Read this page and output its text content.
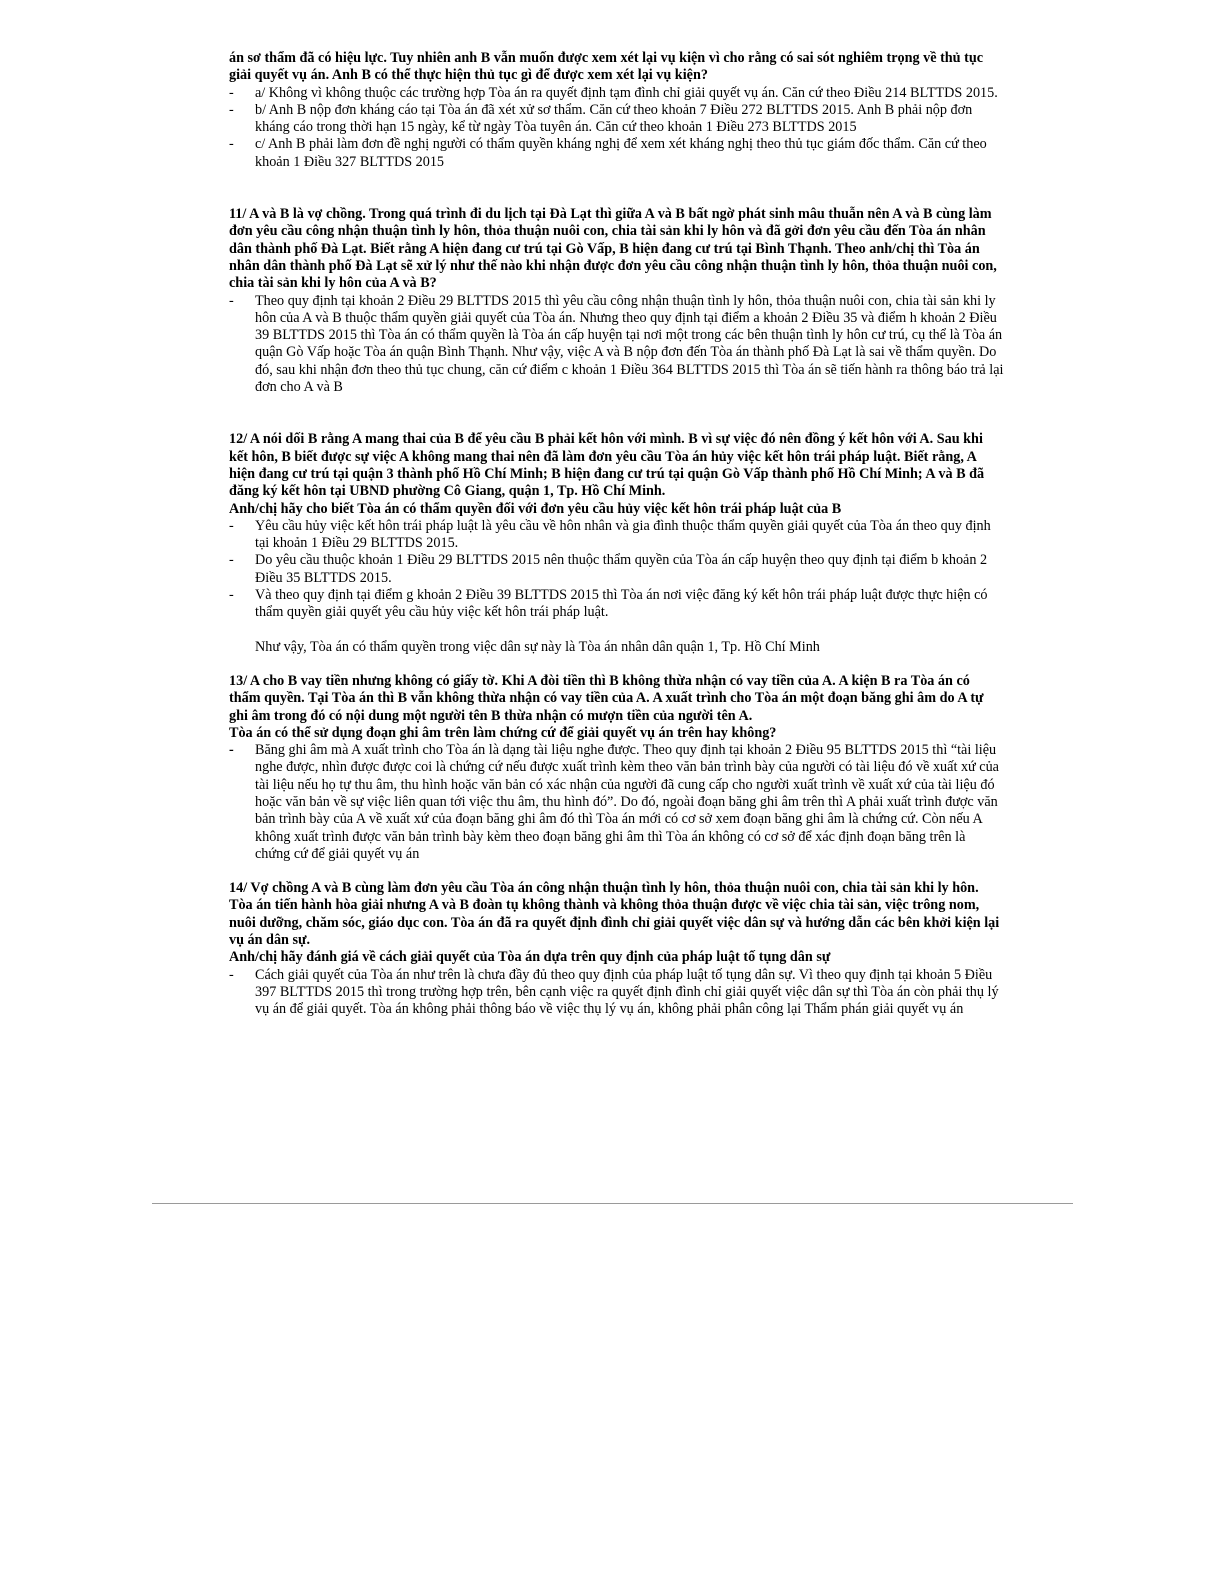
án sơ thẩm đã có hiệu lực. Tuy nhiên anh B vẫn muốn được xem xét lại vụ kiện vì cho rằng có sai sót nghiêm trọng về thủ tục giải quyết vụ án. Anh B có thể thực hiện thủ tục gì để được xem xét lại vụ kiện?

-	a/ Không vì không thuộc các trường hợp Tòa án ra quyết định tạm đình chỉ giải quyết vụ án. Căn cứ theo Điều 214 BLTTDS 2015.
-	b/ Anh B nộp đơn kháng cáo tại Tòa án đã xét xử sơ thẩm. Căn cứ theo khoản 7 Điều 272 BLTTDS 2015. Anh B phải nộp đơn kháng cáo trong thời hạn 15 ngày, kể từ ngày Tòa tuyên án. Căn cứ theo khoản 1 Điều 273 BLTTDS 2015
-	c/ Anh B phải làm đơn đề nghị người có thẩm quyền kháng nghị để xem xét kháng nghị theo thủ tục giám đốc thẩm. Căn cứ theo khoản 1 Điều 327 BLTTDS 2015

11/ A và B là vợ chồng. Trong quá trình đi du lịch tại Đà Lạt thì giữa A và B bất ngờ phát sinh mâu thuẫn nên A và B cùng làm đơn yêu cầu công nhận thuận tình ly hôn, thỏa thuận nuôi con, chia tài sản khi ly hôn và đã gởi đơn yêu cầu đến Tòa án nhân dân thành phố Đà Lạt. Biết rằng A hiện đang cư trú tại Gò Vấp, B hiện đang cư trú tại Bình Thạnh. Theo anh/chị thì Tòa án nhân dân thành phố Đà Lạt sẽ xử lý như thế nào khi nhận được đơn yêu cầu công nhận thuận tình ly hôn, thỏa thuận nuôi con, chia tài sản khi ly hôn của A và B?

-	Theo quy định tại khoản 2 Điều 29 BLTTDS 2015 thì yêu cầu công nhận thuận tình ly hôn, thỏa thuận nuôi con, chia tài sản khi ly hôn của A và B thuộc thẩm quyền giải quyết của Tòa án. Nhưng theo quy định tại điểm a khoản 2 Điều 35 và điểm h khoản 2 Điều 39 BLTTDS 2015 thì Tòa án có thẩm quyền là Tòa án cấp huyện tại nơi một trong các bên thuận tình ly hôn cư trú, cụ thể là Tòa án quận Gò Vấp hoặc Tòa án quận Bình Thạnh. Như vậy, việc A và B nộp đơn đến Tòa án thành phố Đà Lạt là sai về thẩm quyền. Do đó, sau khi nhận đơn theo thủ tục chung, căn cứ điểm c khoản 1 Điều 364 BLTTDS 2015 thì Tòa án sẽ tiến hành ra thông báo trả lại đơn cho A và B

12/ A nói dối B rằng A mang thai của B để yêu cầu B phải kết hôn với mình. B vì sự việc đó nên đồng ý kết hôn với A. Sau khi kết hôn, B biết được sự việc A không mang thai nên đã làm đơn yêu cầu Tòa án hủy việc kết hôn trái pháp luật. Biết rằng, A hiện đang cư trú tại quận 3 thành phố Hồ Chí Minh; B hiện đang cư trú tại quận Gò Vấp thành phố Hồ Chí Minh; A và B đã đăng ký kết hôn tại UBND phường Cô Giang, quận 1, Tp. Hồ Chí Minh.

Anh/chị hãy cho biết Tòa án có thẩm quyền đối với đơn yêu cầu hủy việc kết hôn trái pháp luật của B

-	Yêu cầu hủy việc kết hôn trái pháp luật là yêu cầu về hôn nhân và gia đình thuộc thẩm quyền giải quyết của Tòa án theo quy định tại khoản 1 Điều 29 BLTTDS 2015.
-	Do yêu cầu thuộc khoản 1 Điều 29 BLTTDS 2015 nên thuộc thẩm quyền của Tòa án cấp huyện theo quy định tại điểm b khoản 2 Điều 35 BLTTDS 2015.
-	Và theo quy định tại điểm g khoản 2 Điều 39 BLTTDS 2015 thì Tòa án nơi việc đăng ký kết hôn trái pháp luật được thực hiện có thẩm quyền giải quyết yêu cầu hủy việc kết hôn trái pháp luật.

Như vậy, Tòa án có thẩm quyền trong việc dân sự này là Tòa án nhân dân quận 1, Tp. Hồ Chí Minh

13/ A cho B vay tiền nhưng không có giấy tờ. Khi A đòi tiền thì B không thừa nhận có vay tiền của A. A kiện B ra Tòa án có thẩm quyền. Tại Tòa án thì B vẫn không thừa nhận có vay tiền của A. A xuất trình cho Tòa án một đoạn băng ghi âm do A tự ghi âm trong đó có nội dung một người tên B thừa nhận có mượn tiền của người tên A.

Tòa án có thể sử dụng đoạn ghi âm trên làm chứng cứ để giải quyết vụ án trên hay không?

-	Băng ghi âm mà A xuất trình cho Tòa án là dạng tài liệu nghe được. Theo quy định tại khoản 2 Điều 95 BLTTDS 2015 thì “tài liệu nghe được, nhìn được được coi là chứng cứ nếu được xuất trình kèm theo văn bản trình bày của người có tài liệu đó về xuất xứ của tài liệu nếu họ tự thu âm, thu hình hoặc văn bản có xác nhận của người đã cung cấp cho người xuất trình về xuất xứ của tài liệu đó hoặc văn bản về sự việc liên quan tới việc thu âm, thu hình đó”. Do đó, ngoài đoạn băng ghi âm trên thì A phải xuất trình được văn bản trình bày của A về xuất xứ của đoạn băng ghi âm đó thì Tòa án mới có cơ sở xem đoạn băng ghi âm là chứng cứ. Còn nếu A không xuất trình được văn bản trình bày kèm theo đoạn băng ghi âm thì Tòa án không có cơ sở để xác định đoạn băng trên là chứng cứ để giải quyết vụ án

14/ Vợ chồng A và B cùng làm đơn yêu cầu Tòa án công nhận thuận tình ly hôn, thỏa thuận nuôi con, chia tài sản khi ly hôn. Tòa án tiến hành hòa giải nhưng A và B đoàn tụ không thành và không thỏa thuận được về việc chia tài sản, việc trông nom, nuôi dưỡng, chăm sóc, giáo dục con. Tòa án đã ra quyết định đình chỉ giải quyết việc dân sự và hướng dẫn các bên khởi kiện lại vụ án dân sự.

Anh/chị hãy đánh giá về cách giải quyết của Tòa án dựa trên quy định của pháp luật tố tụng dân sự

-	Cách giải quyết của Tòa án như trên là chưa đầy đủ theo quy định của pháp luật tố tụng dân sự. Vì theo quy định tại khoản 5 Điều 397 BLTTDS 2015 thì trong trường hợp trên, bên cạnh việc ra quyết định đình chỉ giải quyết việc dân sự thì Tòa án còn phải thụ lý vụ án để giải quyết. Tòa án không phải thông báo về việc thụ lý vụ án, không phải phân công lại Thẩm phán giải quyết vụ án
